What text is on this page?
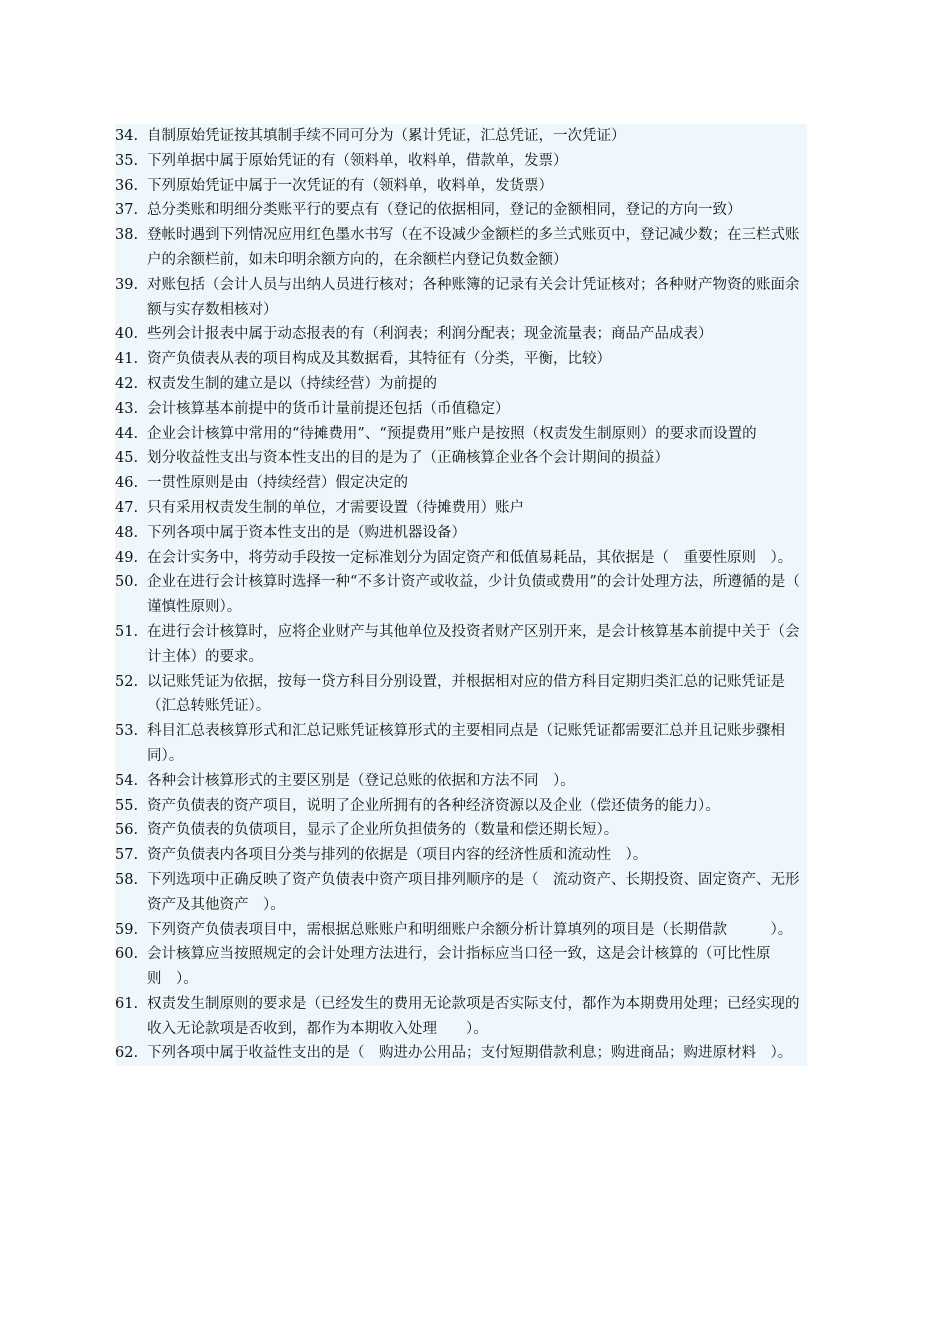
34. 自制原始凭证按其填制手续不同可分为（累计凭证，汇总凭证，一次凭证）
35. 下列单据中属于原始凭证的有（领料单，收料单，借款单，发票）
36. 下列原始凭证中属于一次凭证的有（领料单，收料单，发货票）
37. 总分类账和明细分类账平行的要点有（登记的依据相同，登记的金额相同，登记的方向一致）
38. 登帐时遇到下列情况应用红色墨水书写（在不设减少金额栏的多兰式账页中，登记减少数；在三栏式账户的余额栏前，如未印明余额方向的，在余额栏内登记负数金额）
39. 对账包括（会计人员与出纳人员进行核对；各种账簿的记录有关会计凭证核对；各种财产物资的账面余额与实存数相核对）
40. 些列会计报表中属于动态报表的有（利润表；利润分配表；现金流量表；商品产品成表）
41. 资产负债表从表的项目构成及其数据看，其特征有（分类，平衡，比较）
42. 权责发生制的建立是以（持续经营）为前提的
43. 会计核算基本前提中的货币计量前提还包括（币值稳定）
44. 企业会计核算中常用的“待摊费用”、“预提费用”账户是按照（权责发生制原则）的要求而设置的
45. 划分收益性支出与资本性支出的目的是为了（正确核算企业各个会计期间的损益）
46. 一贯性原则是由（持续经营）假定决定的
47. 只有采用权责发生制的单位，才需要设置（待摊费用）账户
48. 下列各项中属于资本性支出的是（购进机器设备）
49. 在会计实务中，将劳动手段按一定标准划分为固定资产和低值易耗品，其依据是（　重要性原则　）。
50. 企业在进行会计核算时选择一种“不多计资产或收益，少计负债或费用”的会计处理方法，所遵循的是（　谨慎性原则）。
51. 在进行会计核算时，应将企业财产与其他单位及投资者财产区别开来，是会计核算基本前提中关于（会计主体）的要求。
52. 以记账凭证为依据，按每一贷方科目分别设置，并根据相对应的借方科目定期归类汇总的记账凭证是（汇总转账凭证）。
53. 科目汇总表核算形式和汇总记账凭证核算形式的主要相同点是（记账凭证都需要汇总并且记账步骤相同）。
54. 各种会计核算形式的主要区别是（登记总账的依据和方法不同　）。
55. 资产负债表的资产项目，说明了企业所拥有的各种经济资源以及企业（偿还债务的能力）。
56. 资产负债表的负债项目，显示了企业所负担债务的（数量和偿还期长短）。
57. 资产负债表内各项目分类与排列的依据是（项目内容的经济性质和流动性　）。
58. 下列选项中正确反映了资产负债表中资产项目排列顺序的是（　流动资产、长期投资、固定资产、无形资产及其他资产　）。
59. 下列资产负债表项目中，需根据总账账户和明细账户余额分析计算填列的项目是（长期借款　　　）。
60. 会计核算应当按照规定的会计处理方法进行，会计指标应当口径一致，这是会计核算的（可比性原则　）。
61. 权责发生制原则的要求是（已经发生的费用无论款项是否实际支付，都作为本期费用处理；已经实现的收入无论款项是否收到，都作为本期收入处理　　）。
62. 下列各项中属于收益性支出的是（　购进办公用品；支付短期借款利息；购进商品；购进原材料　）。
